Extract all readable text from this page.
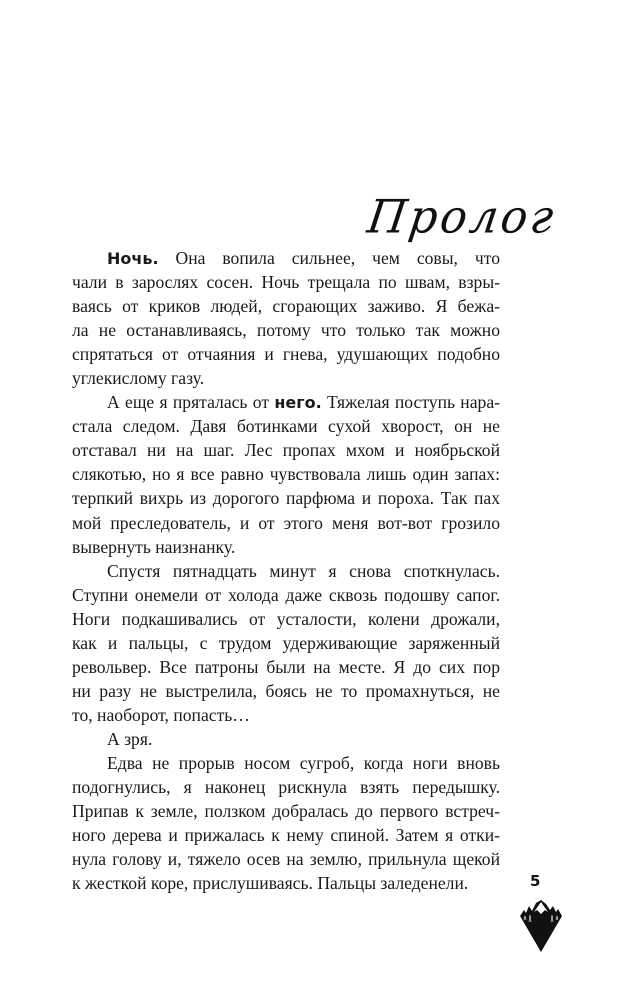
Пролог
Ночь. Она вопила сильнее, чем совы, что
чали в зарослях сосен. Ночь трещала по швам, взры-
ваясь от криков людей, сгорающих заживо. Я бежа-
ла не останавливаясь, потому что только так можно
спрятаться от отчаяния и гнева, удушающих подобно
углекислому газу.
А еще я пряталась от него. Тяжелая поступь нара-
стала следом. Давя ботинками сухой хворост, он не
отставал ни на шаг. Лес пропах мхом и ноябрьской
слякотью, но я все равно чувствовала лишь один запах:
терпкий вихрь из дорогого парфюма и пороха. Так пах
мой преследователь, и от этого меня вот-вот грозило
вывернуть наизнанку.
Спустя пятнадцать минут я снова споткнулась.
Ступни онемели от холода даже сквозь подошву сапог.
Ноги подкашивались от усталости, колени дрожали,
как и пальцы, с трудом удерживающие заряженный
револьвер. Все патроны были на месте. Я до сих пор
ни разу не выстрелила, боясь не то промахнуться, не
то, наоборот, попасть…
А зря.
Едва не прорыв носом сугроб, когда ноги вновь
подогнулись, я наконец рискнула взять передышку.
Припав к земле, ползком добралась до первого встреч-
ного дерева и прижалась к нему спиной. Затем я отки-
нула голову и, тяжело осев на землю, прильнула щекой
к жесткой коре, прислушиваясь. Пальцы заледенели.	5
